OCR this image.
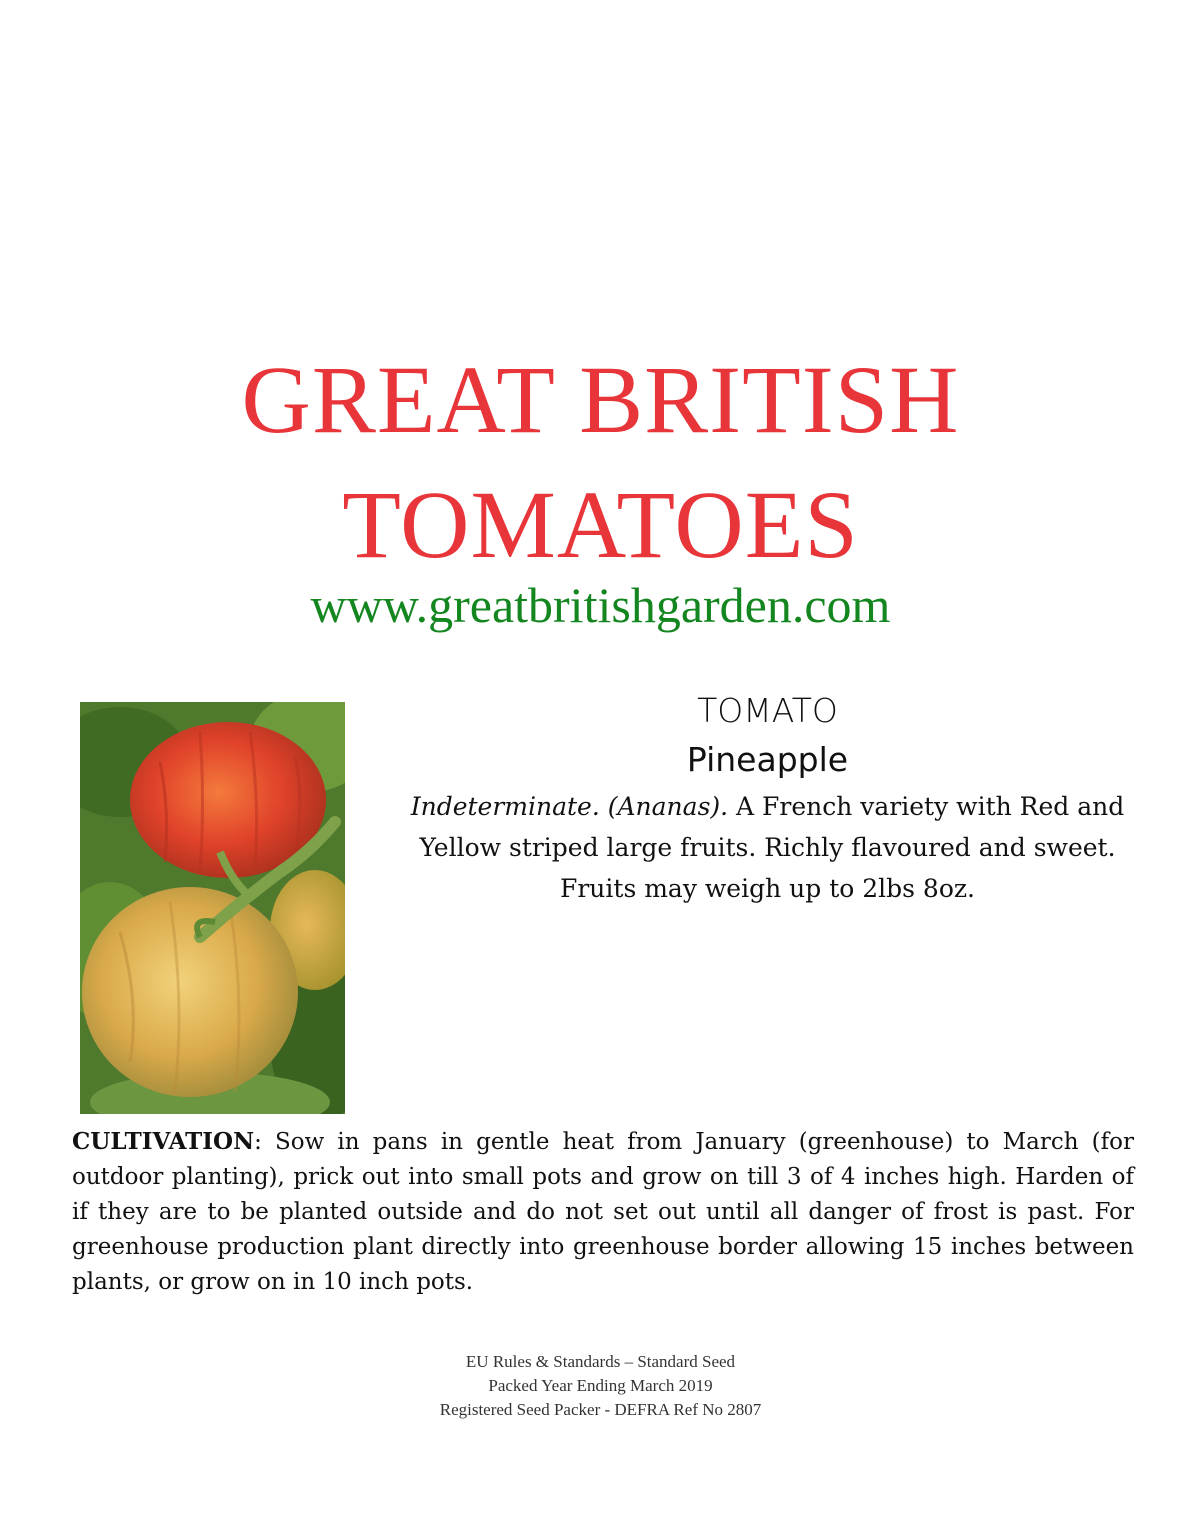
GREAT BRITISH
TOMATOES
www.greatbritishgarden.com
TOMATO
Pineapple
Indeterminate. (Ananas). A French variety with Red and Yellow striped large fruits. Richly flavoured and sweet. Fruits may weigh up to 2lbs 8oz.
CULTIVATION: Sow in pans in gentle heat from January (greenhouse) to March (for outdoor planting), prick out into small pots and grow on till 3 of 4 inches high. Harden of if they are to be planted outside and do not set out until all danger of frost is past. For greenhouse production plant directly into greenhouse border allowing 15 inches between plants, or grow on in 10 inch pots.
EU Rules & Standards – Standard Seed
Packed Year Ending March 2019
Registered Seed Packer - DEFRA Ref No 2807
